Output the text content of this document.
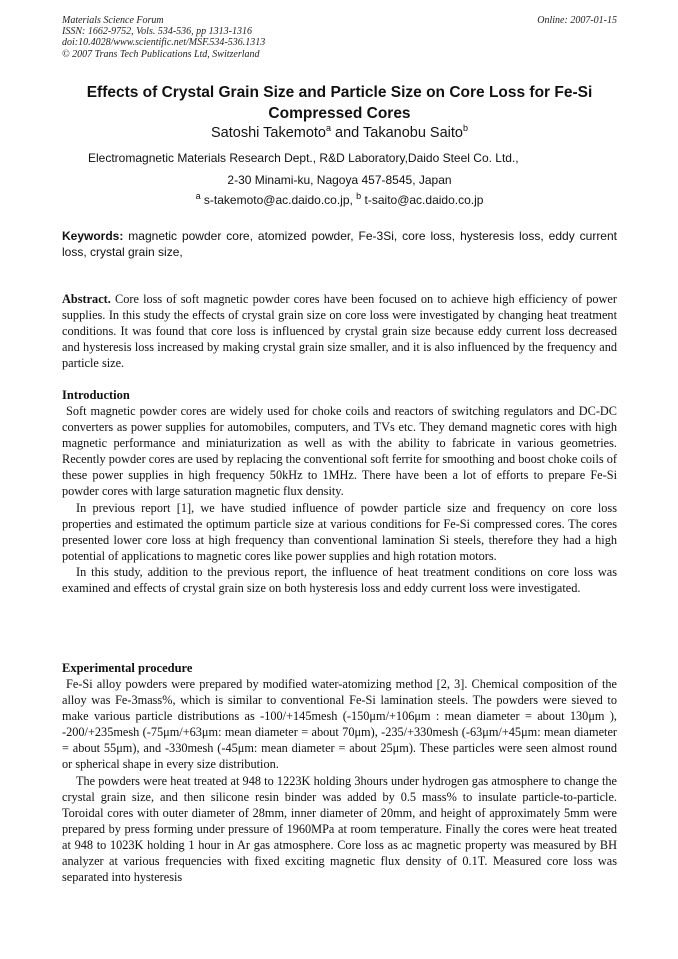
Materials Science Forum
ISSN: 1662-9752, Vols. 534-536, pp 1313-1316
doi:10.4028/www.scientific.net/MSF.534-536.1313
© 2007 Trans Tech Publications Ltd, Switzerland
Online: 2007-01-15
Effects of Crystal Grain Size and Particle Size on Core Loss for Fe-Si Compressed Cores
Satoshi Takemoto$^a$ and Takanobu Saito$^b$
Electromagnetic Materials Research Dept., R&D Laboratory,Daido Steel Co. Ltd.,
2-30 Minami-ku, Nagoya 457-8545, Japan
$^a$ s-takemoto@ac.daido.co.jp, $^b$ t-saito@ac.daido.co.jp
Keywords: magnetic powder core, atomized powder, Fe-3Si, core loss, hysteresis loss, eddy current loss, crystal grain size,
Abstract. Core loss of soft magnetic powder cores have been focused on to achieve high efficiency of power supplies. In this study the effects of crystal grain size on core loss were investigated by changing heat treatment conditions. It was found that core loss is influenced by crystal grain size because eddy current loss decreased and hysteresis loss increased by making crystal grain size smaller, and it is also influenced by the frequency and particle size.
Introduction

Soft magnetic powder cores are widely used for choke coils and reactors of switching regulators and DC-DC converters as power supplies for automobiles, computers, and TVs etc. They demand magnetic cores with high magnetic performance and miniaturization as well as with the ability to fabricate in various geometries. Recently powder cores are used by replacing the conventional soft ferrite for smoothing and boost choke coils of these power supplies in high frequency 50kHz to 1MHz. There have been a lot of efforts to prepare Fe-Si powder cores with large saturation magnetic flux density.

In previous report [1], we have studied influence of powder particle size and frequency on core loss properties and estimated the optimum particle size at various conditions for Fe-Si compressed cores. The cores presented lower core loss at high frequency than conventional lamination Si steels, therefore they had a high potential of applications to magnetic cores like power supplies and high rotation motors.

In this study, addition to the previous report, the influence of heat treatment conditions on core loss was examined and effects of crystal grain size on both hysteresis loss and eddy current loss were investigated.

Experimental procedure

Fe-Si alloy powders were prepared by modified water-atomizing method [2, 3]. Chemical composition of the alloy was Fe-3mass%, which is similar to conventional Fe-Si lamination steels. The powders were sieved to make various particle distributions as -100/+145mesh (-150μm/+106μm : mean diameter = about 130μm ), -200/+235mesh (-75μm/+63μm: mean diameter = about 70μm), -235/+330mesh (-63μm/+45μm: mean diameter = about 55μm), and -330mesh (-45μm: mean diameter = about 25μm). These particles were seen almost round or spherical shape in every size distribution.

The powders were heat treated at 948 to 1223K holding 3hours under hydrogen gas atmosphere to change the crystal grain size, and then silicone resin binder was added by 0.5 mass% to insulate particle-to-particle. Toroidal cores with outer diameter of 28mm, inner diameter of 20mm, and height of approximately 5mm were prepared by press forming under pressure of 1960MPa at room temperature. Finally the cores were heat treated at 948 to 1023K holding 1 hour in Ar gas atmosphere. Core loss as ac magnetic property was measured by BH analyzer at various frequencies with fixed exciting magnetic flux density of 0.1T. Measured core loss was separated into hysteresis
